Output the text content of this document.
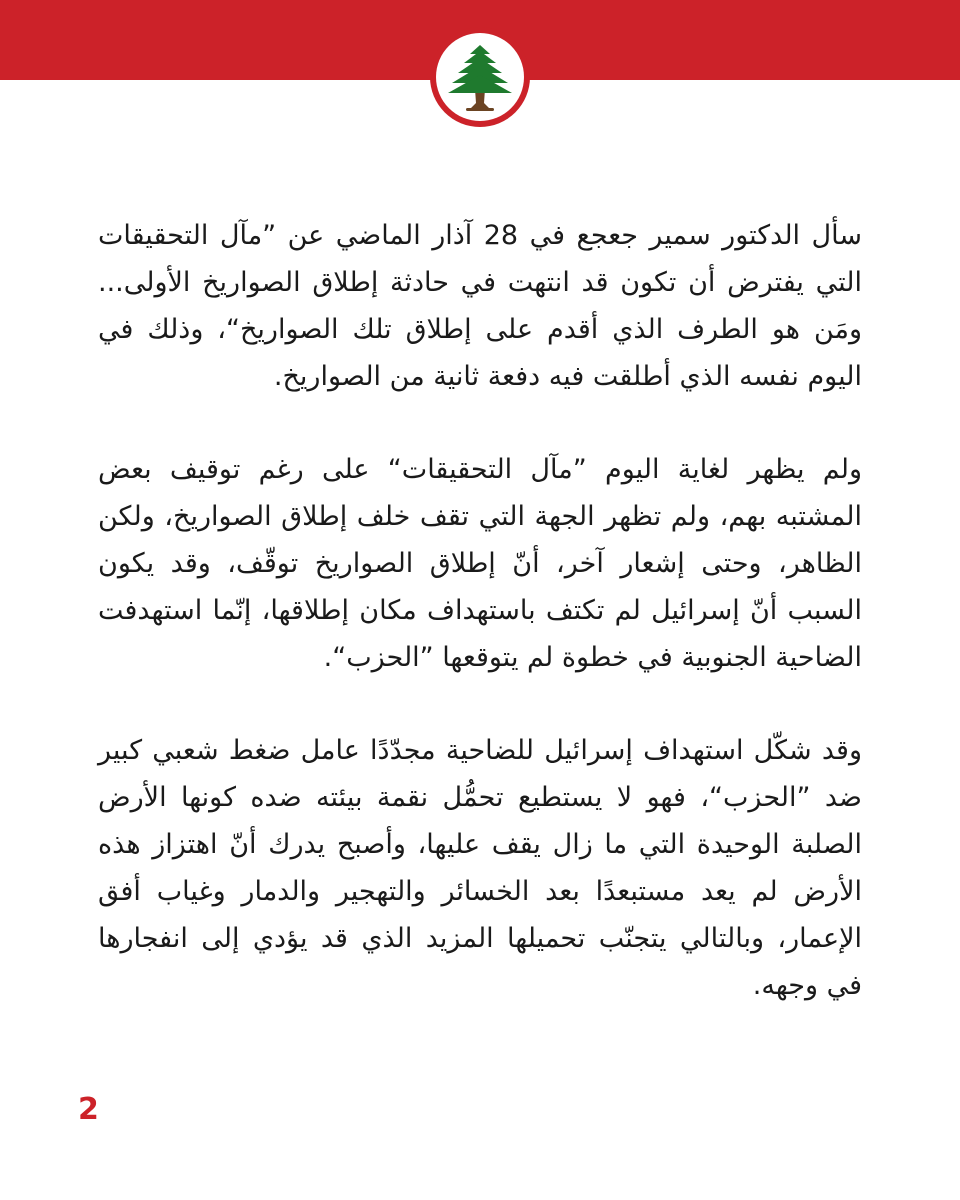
سأل الدكتور سمير جعجع في 28 آذار الماضي عن ”مآل التحقيقات التي يفترض أن تكون قد انتهت في حادثة إطلاق الصواريخ الأولى... ومَن هو الطرف الذي أقدم على إطلاق تلك الصواريخ“، وذلك في اليوم نفسه الذي أطلقت فيه دفعة ثانية من الصواريخ.

ولم يظهر لغاية اليوم ”مآل التحقيقات“ على رغم توقيف بعض المشتبه بهم، ولم تظهر الجهة التي تقف خلف إطلاق الصواريخ، ولكن الظاهر، وحتى إشعار آخر، أنّ إطلاق الصواريخ توقّف، وقد يكون السبب أنّ إسرائيل لم تكتف باستهداف مكان إطلاقها، إنّما استهدفت الضاحية الجنوبية في خطوة لم يتوقعها ”الحزب“.

وقد شكّل استهداف إسرائيل للضاحية مجدّدًا عامل ضغط شعبي كبير ضد ”الحزب“، فهو لا يستطيع تحمُّل نقمة بيئته ضده كونها الأرض الصلبة الوحيدة التي ما زال يقف عليها، وأصبح يدرك أنّ اهتزاز هذه الأرض لم يعد مستبعدًا بعد الخسائر والتهجير والدمار وغياب أفق الإعمار، وبالتالي يتجنّب تحميلها المزيد الذي قد يؤدي إلى انفجارها في وجهه.

2
